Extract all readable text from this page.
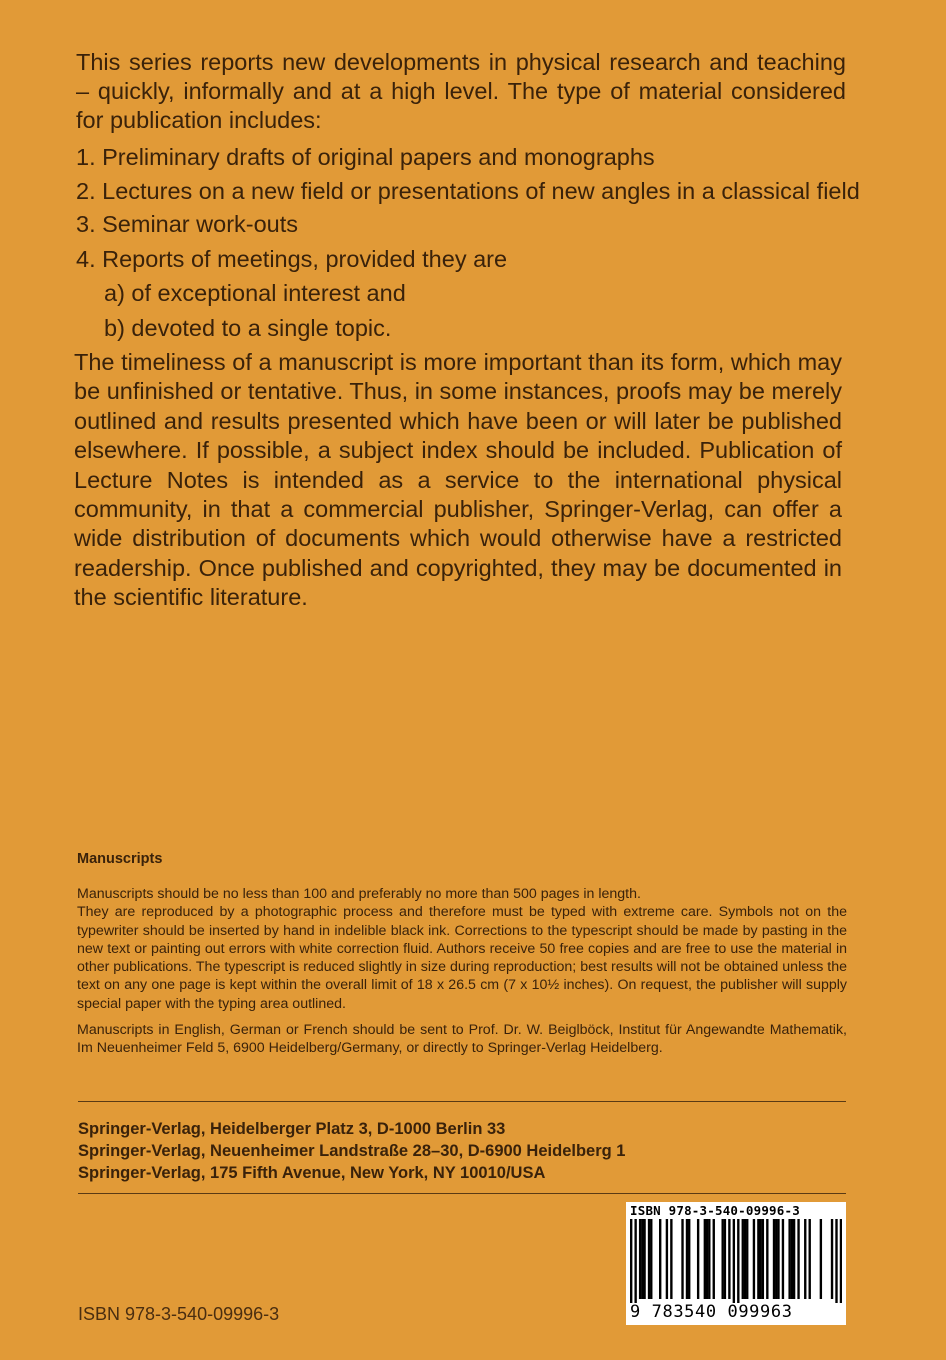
This series reports new developments in physical research and teaching – quickly, informally and at a high level. The type of material considered for publication includes:

1. Preliminary drafts of original papers and monographs
2. Lectures on a new field or presentations of new angles in a classical field
3. Seminar work-outs
4. Reports of meetings, provided they are
a) of exceptional interest and
b) devoted to a single topic.

The timeliness of a manuscript is more important than its form, which may be unfinished or tentative. Thus, in some instances, proofs may be merely outlined and results presented which have been or will later be published elsewhere. If possible, a subject index should be included. Publication of Lecture Notes is intended as a service to the international physical community, in that a commercial publisher, Springer-Verlag, can offer a wide distribution of documents which would otherwise have a restricted readership. Once published and copyrighted, they may be documented in the scientific literature.

Manuscripts

Manuscripts should be no less than 100 and preferably no more than 500 pages in length.

They are reproduced by a photographic process and therefore must be typed with extreme care. Symbols not on the typewriter should be inserted by hand in indelible black ink. Corrections to the typescript should be made by pasting in the new text or painting out errors with white correction fluid. Authors receive 50 free copies and are free to use the material in other publications. The typescript is reduced slightly in size during reproduction; best results will not be obtained unless the text on any one page is kept within the overall limit of 18 x 26.5 cm (7 x 10½ inches). On request, the publisher will supply special paper with the typing area outlined.

Manuscripts in English, German or French should be sent to Prof. Dr. W. Beiglböck, Institut für Angewandte Mathematik, Im Neuenheimer Feld 5, 6900 Heidelberg/Germany, or directly to Springer-Verlag Heidelberg.

Springer-Verlag, Heidelberger Platz 3, D-1000 Berlin 33
Springer-Verlag, Neuenheimer Landstraße 28–30, D-6900 Heidelberg 1
Springer-Verlag, 175 Fifth Avenue, New York, NY 10010/USA
ISBN 978-3-540-09996-3
9 783540 099963
ISBN 978-3-540-09996-3
